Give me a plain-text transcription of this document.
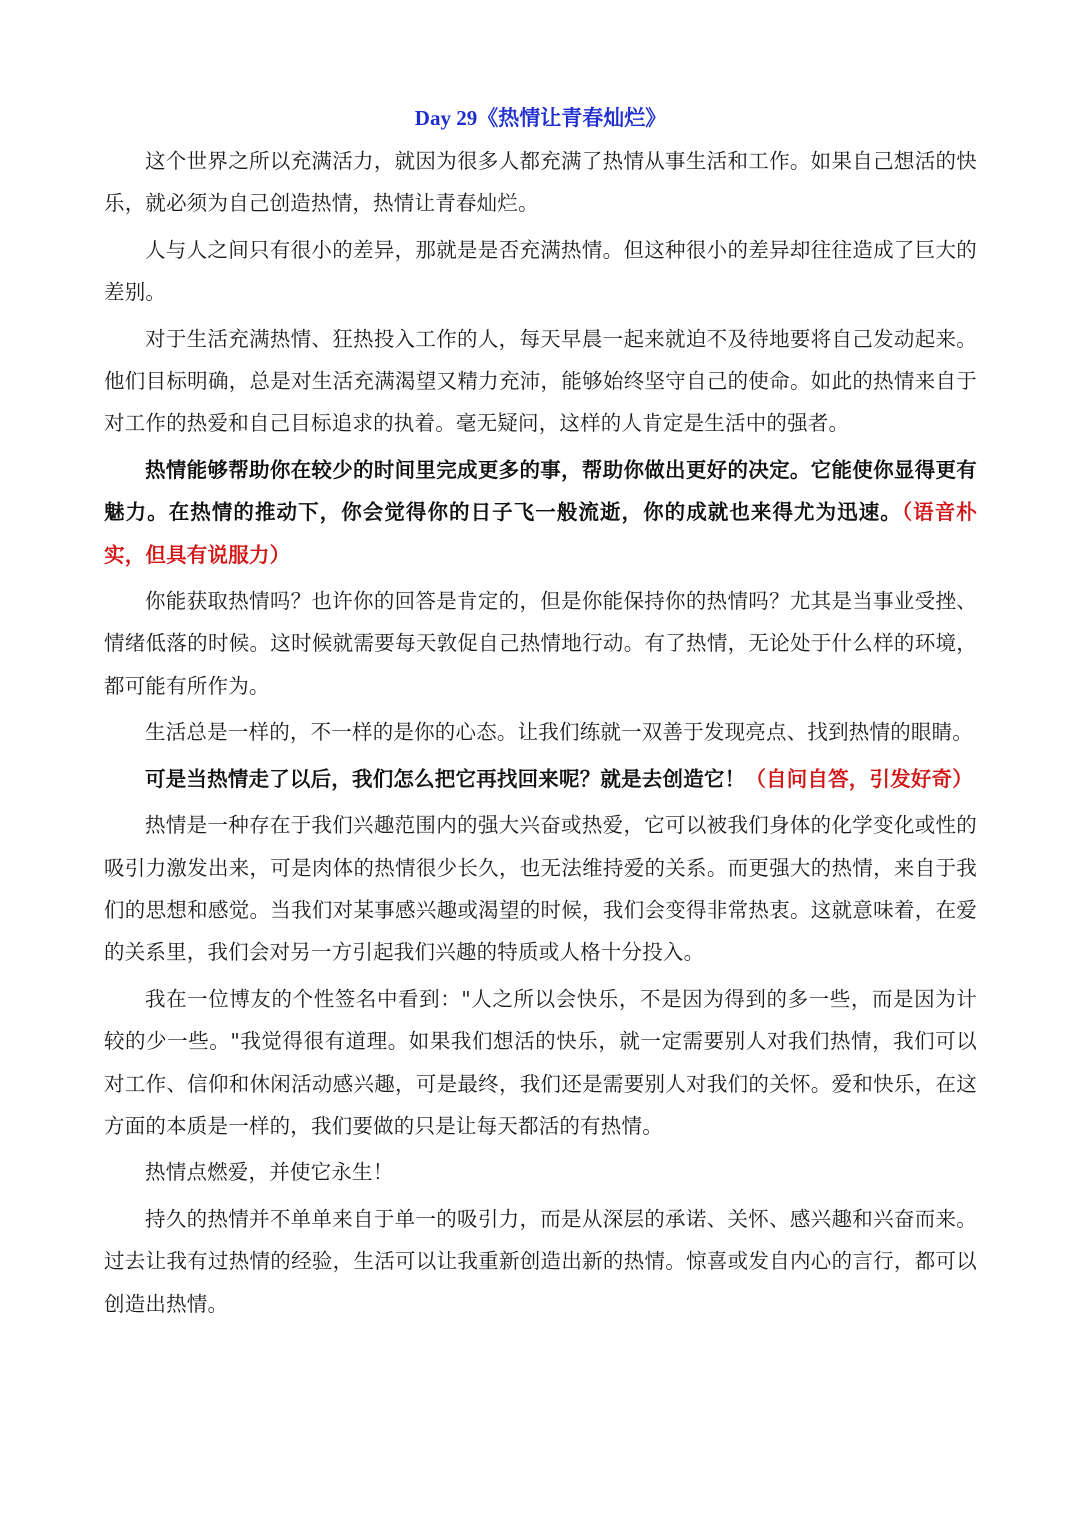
Day 29《热情让青春灿烂》

这个世界之所以充满活力，就因为很多人都充满了热情从事生活和工作。如果自己想活的快乐，就必须为自己创造热情，热情让青春灿烂。

人与人之间只有很小的差异，那就是是否充满热情。但这种很小的差异却往往造成了巨大的差别。

对于生活充满热情、狂热投入工作的人，每天早晨一起来就迫不及待地要将自己发动起来。他们目标明确，总是对生活充满渴望又精力充沛，能够始终坚守自己的使命。如此的热情来自于对工作的热爱和自己目标追求的执着。毫无疑问，这样的人肯定是生活中的强者。

热情能够帮助你在较少的时间里完成更多的事，帮助你做出更好的决定。它能使你显得更有魅力。在热情的推动下，你会觉得你的日子飞一般流逝，你的成就也来得尤为迅速。（语音朴实，但具有说服力）

你能获取热情吗？也许你的回答是肯定的，但是你能保持你的热情吗？尤其是当事业受挫、情绪低落的时候。这时候就需要每天敦促自己热情地行动。有了热情，无论处于什么样的环境，都可能有所作为。

生活总是一样的，不一样的是你的心态。让我们练就一双善于发现亮点、找到热情的眼睛。

可是当热情走了以后，我们怎么把它再找回来呢？就是去创造它！（自问自答，引发好奇）

热情是一种存在于我们兴趣范围内的强大兴奋或热爱，它可以被我们身体的化学变化或性的吸引力激发出来，可是肉体的热情很少长久，也无法维持爱的关系。而更强大的热情，来自于我们的思想和感觉。当我们对某事感兴趣或渴望的时候，我们会变得非常热衷。这就意味着，在爱的关系里，我们会对另一方引起我们兴趣的特质或人格十分投入。

我在一位博友的个性签名中看到："人之所以会快乐，不是因为得到的多一些，而是因为计较的少一些。"我觉得很有道理。如果我们想活的快乐，就一定需要别人对我们热情，我们可以对工作、信仰和休闲活动感兴趣，可是最终，我们还是需要别人对我们的关怀。爱和快乐，在这方面的本质是一样的，我们要做的只是让每天都活的有热情。

热情点燃爱，并使它永生！

持久的热情并不单单来自于单一的吸引力，而是从深层的承诺、关怀、感兴趣和兴奋而来。过去让我有过热情的经验，生活可以让我重新创造出新的热情。惊喜或发自内心的言行，都可以创造出热情。
